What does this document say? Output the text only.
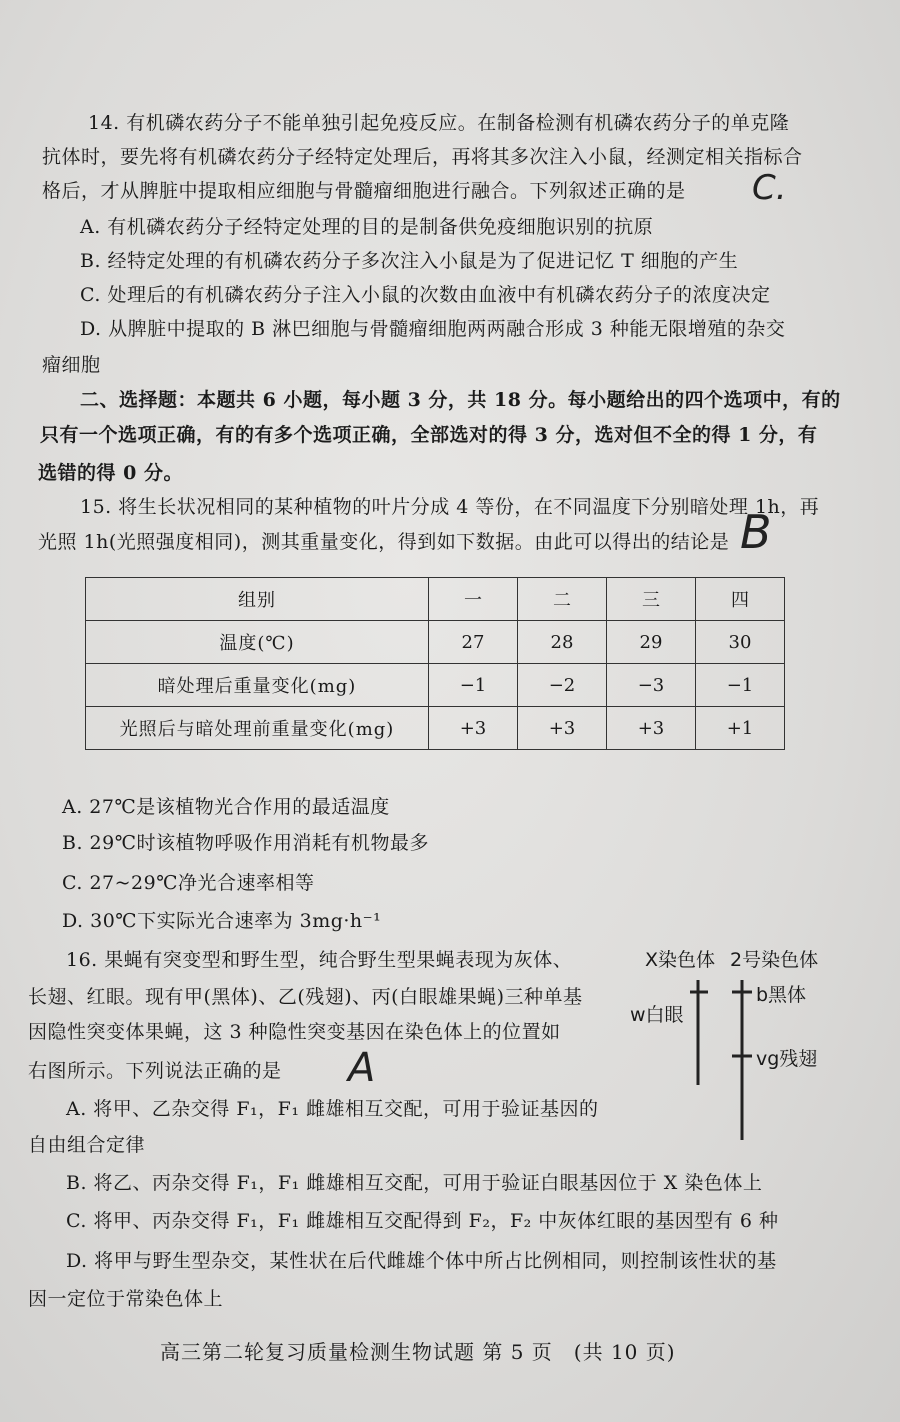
14. 有机磷农药分子不能单独引起免疫反应。在制备检测有机磷农药分子的单克隆
抗体时，要先将有机磷农药分子经特定处理后，再将其多次注入小鼠，经测定相关指标合
格后，才从脾脏中提取相应细胞与骨髓瘤细胞进行融合。下列叙述正确的是 C.
A. 有机磷农药分子经特定处理的目的是制备供免疫细胞识别的抗原
B. 经特定处理的有机磷农药分子多次注入小鼠是为了促进记忆 T 细胞的产生
C. 处理后的有机磷农药分子注入小鼠的次数由血液中有机磷农药分子的浓度决定
D. 从脾脏中提取的 B 淋巴细胞与骨髓瘤细胞两两融合形成 3 种能无限增殖的杂交
瘤细胞
二、选择题：本题共 6 小题，每小题 3 分，共 18 分。每小题给出的四个选项中，有的
只有一个选项正确，有的有多个选项正确，全部选对的得 3 分，选对但不全的得 1 分，有
选错的得 0 分。
15. 将生长状况相同的某种植物的叶片分成 4 等份，在不同温度下分别暗处理 1h，再
光照 1h(光照强度相同)，测其重量变化，得到如下数据。由此可以得出的结论是 B
组别	一	二	三	四
温度(℃)	27	28	29	30
暗处理后重量变化(mg)	−1	−2	−3	−1
光照后与暗处理前重量变化(mg)	+3	+3	+3	+1
A. 27℃是该植物光合作用的最适温度
B. 29℃时该植物呼吸作用消耗有机物最多
C. 27~29℃净光合速率相等
D. 30℃下实际光合速率为 3mg·h⁻¹
16. 果蝇有突变型和野生型，纯合野生型果蝇表现为灰体、
长翅、红眼。现有甲(黑体)、乙(残翅)、丙(白眼雄果蝇)三种单基
因隐性突变体果蝇，这 3 种隐性突变基因在染色体上的位置如
右图所示。下列说法正确的是 A
X染色体 2号染色体
w白眼
b黑体
vg残翅
A. 将甲、乙杂交得 F₁，F₁ 雌雄相互交配，可用于验证基因的
自由组合定律
B. 将乙、丙杂交得 F₁，F₁ 雌雄相互交配，可用于验证白眼基因位于 X 染色体上
C. 将甲、丙杂交得 F₁，F₁ 雌雄相互交配得到 F₂，F₂ 中灰体红眼的基因型有 6 种
D. 将甲与野生型杂交，某性状在后代雌雄个体中所占比例相同，则控制该性状的基
因一定位于常染色体上
高三第二轮复习质量检测生物试题 第 5 页　(共 10 页)
